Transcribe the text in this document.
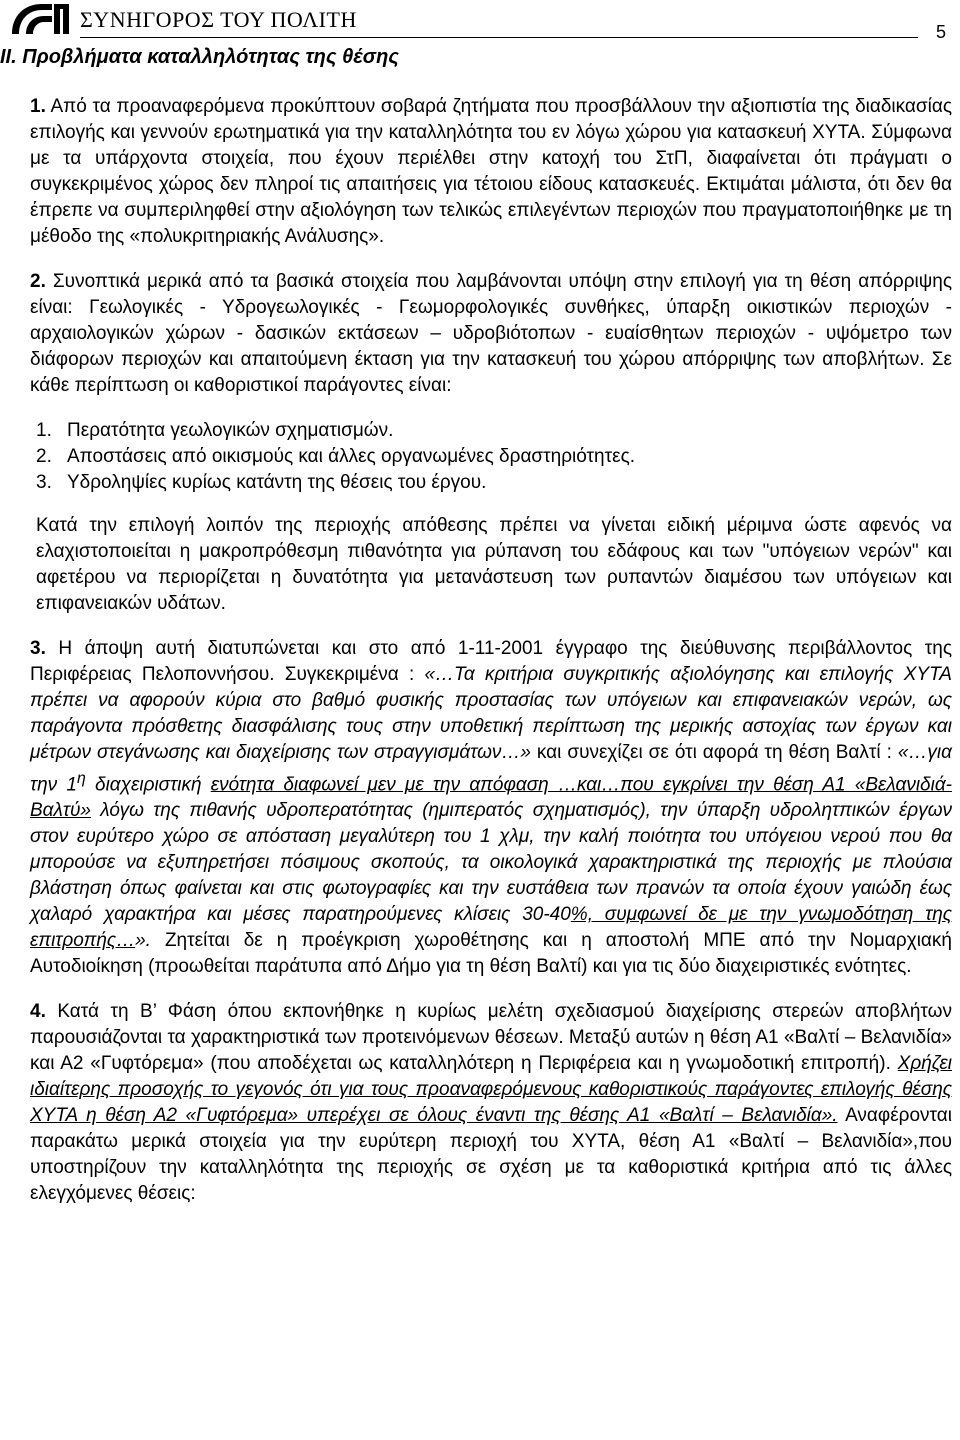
ΣΥΝΗΓΟΡΟΣ ΤΟΥ ΠΟΛΙΤΗ	5
II. Προβλήματα καταλληλότητας της θέσης

1. Από τα προαναφερόμενα προκύπτουν σοβαρά ζητήματα που προσβάλλουν την αξιοπιστία της διαδικασίας επιλογής και γεννούν ερωτηματικά για την καταλληλότητα του εν λόγω χώρου για κατασκευή ΧΥΤΑ. Σύμφωνα με τα υπάρχοντα στοιχεία, που έχουν περιέλθει στην κατοχή του ΣτΠ, διαφαίνεται ότι πράγματι ο συγκεκριμένος χώρος δεν πληροί τις απαιτήσεις για τέτοιου είδους κατασκευές. Εκτιμάται μάλιστα, ότι δεν θα έπρεπε να συμπεριληφθεί στην αξιολόγηση των τελικώς επιλεγέντων περιοχών που πραγματοποιήθηκε με τη μέθοδο της «πολυκριτηριακής Ανάλυσης».

2. Συνοπτικά μερικά από τα βασικά στοιχεία που λαμβάνονται υπόψη στην επιλογή για τη θέση απόρριψης είναι: Γεωλογικές - Υδρογεωλογικές - Γεωμορφολογικές συνθήκες, ύπαρξη οικιστικών περιοχών - αρχαιολογικών χώρων - δασικών εκτάσεων – υδροβιότοπων - ευαίσθητων περιοχών - υψόμετρο των διάφορων περιοχών και απαιτούμενη έκταση για την κατασκευή του χώρου απόρριψης των αποβλήτων. Σε κάθε περίπτωση οι καθοριστικοί παράγοντες είναι:

1. Περατότητα γεωλογικών σχηματισμών.
2. Αποστάσεις από οικισμούς και άλλες οργανωμένες δραστηριότητες.
3. Υδροληψίες κυρίως κατάντη της θέσεις του έργου.

Κατά την επιλογή λοιπόν της περιοχής απόθεσης πρέπει να γίνεται ειδική μέριμνα ώστε αφενός να ελαχιστοποιείται η μακροπρόθεσμη πιθανότητα για ρύπανση του εδάφους και των "υπόγειων νερών" και αφετέρου να περιορίζεται η δυνατότητα για μετανάστευση των ρυπαντών διαμέσου των υπόγειων και επιφανειακών υδάτων.

3. Η άποψη αυτή διατυπώνεται και στο από 1-11-2001 έγγραφο της διεύθυνσης περιβάλλοντος της Περιφέρειας Πελοποννήσου. Συγκεκριμένα : «…Τα κριτήρια συγκριτικής αξιολόγησης και επιλογής ΧΥΤΑ πρέπει να αφορούν κύρια στο βαθμό φυσικής προστασίας των υπόγειων και επιφανειακών νερών, ως παράγοντα πρόσθετης διασφάλισης τους στην υποθετική περίπτωση της μερικής αστοχίας των έργων και μέτρων στεγάνωσης και διαχείρισης των στραγγισμάτων…» και συνεχίζει σε ότι αφορά τη θέση Βαλτί : «…για την $1^\eta$ διαχειριστική ενότητα διαφωνεί μεν με την απόφαση …και…που εγκρίνει την θέση Α1 «Βελανιδιά-Βαλτύ» λόγω της πιθανής υδροπερατότητας (ημιπερατός σχηματισμός), την ύπαρξη υδρολητπικών έργων στον ευρύτερο χώρο σε απόσταση μεγαλύτερη του 1 χλμ, την καλή ποιότητα του υπόγειου νερού που θα μπορούσε να εξυπηρετήσει πόσιμους σκοπούς, τα οικολογικά χαρακτηριστικά της περιοχής με πλούσια βλάστηση όπως φαίνεται και στις φωτογραφίες και την ευστάθεια των πρανών τα οποία έχουν γαιώδη έως χαλαρό χαρακτήρα και μέσες παρατηρούμενες κλίσεις 30-40%, συμφωνεί δε με την γνωμοδότηση της επιτροπής…». Ζητείται δε η προέγκριση χωροθέτησης και η αποστολή ΜΠΕ από την Νομαρχιακή Αυτοδιοίκηση (προωθείται παράτυπα από Δήμο για τη θέση Βαλτί) και για τις δύο διαχειριστικές ενότητες.

4. Κατά τη Β’ Φάση όπου εκπονήθηκε η κυρίως μελέτη σχεδιασμού διαχείρισης στερεών αποβλήτων παρουσιάζονται τα χαρακτηριστικά των προτεινόμενων θέσεων. Μεταξύ αυτών η θέση Α1 «Βαλτί – Βελανιδία» και Α2 «Γυφτόρεμα» (που αποδέχεται ως καταλληλότερη η Περιφέρεια και η γνωμοδοτική επιτροπή). Χρήζει ιδιαίτερης προσοχής το γεγονός ότι για τους προαναφερόμενους καθοριστικούς παράγοντες επιλογής θέσης ΧΥΤΑ η θέση Α2 «Γυφτόρεμα» υπερέχει σε όλους έναντι της θέσης Α1 «Βαλτί – Βελανιδία». Αναφέρονται παρακάτω μερικά στοιχεία για την ευρύτερη περιοχή του ΧΥΤΑ, θέση Α1 «Βαλτί – Βελανιδία»,που υποστηρίζουν την καταλληλότητα της περιοχής σε σχέση με τα καθοριστικά κριτήρια από τις άλλες ελεγχόμενες θέσεις:
